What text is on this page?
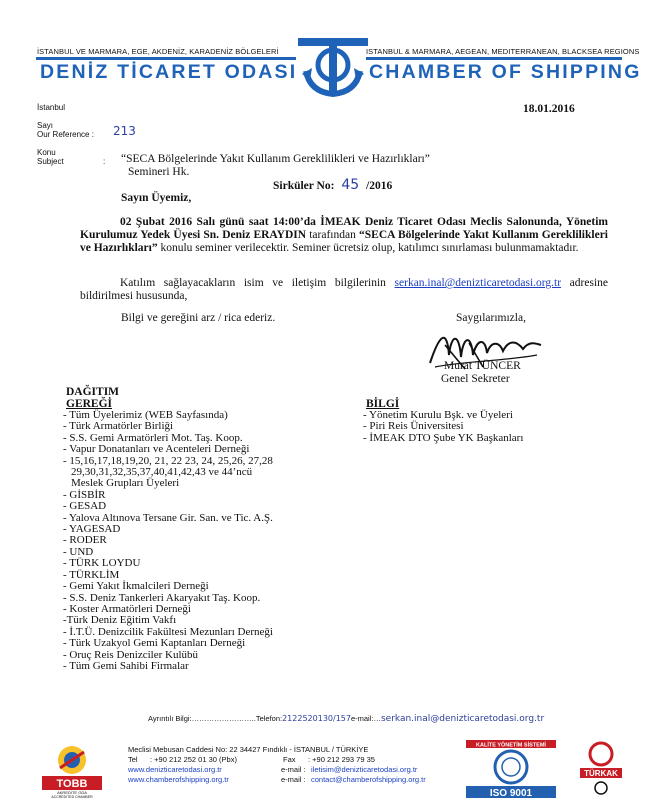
İSTANBUL VE MARMARA, EGE, AKDENİZ, KARADENİZ BÖLGELERİ	ISTANBUL & MARMARA, AEGEAN, MEDITERRANEAN, BLACKSEA REGIONS
DENİZ TİCARET ODASI	CHAMBER OF SHIPPING
İstanbul	18.01.2016
Sayı
Our Reference : 213
Konu
Subject	: “SECA Bölgelerinde Yakıt Kullanım Gereklilikleri ve Hazırlıkları”
Semineri Hk.
Sirküler No: 45 /2016
Sayın Üyemiz,
02 Şubat 2016 Salı günü saat 14:00’da İMEAK Deniz Ticaret Odası Meclis Salonunda, Yönetim Kurulumuz Yedek Üyesi Sn. Deniz ERAYDIN tarafından “SECA Bölgelerinde Yakıt Kullanım Gereklilikleri ve Hazırlıkları” konulu seminer verilecektir. Seminer ücretsiz olup, katılımcı sınırlaması bulunmamaktadır.
Katılım sağlayacakların isim ve iletişim bilgilerinin serkan.inal@denizticaretodasi.org.tr adresine bildirilmesi hususunda,
Bilgi ve gereğini arz / rica ederiz.	Saygılarımızla,
Murat TÜNCER
Genel Sekreter
DAĞITIM
GEREĞİ
- Tüm Üyelerimiz (WEB Sayfasında)
- Türk Armatörler Birliği
- S.S. Gemi Armatörleri Mot. Taş. Koop.
- Vapur Donatanları ve Acenteleri Derneği
- 15,16,17,18,19,20, 21, 22 23, 24, 25,26, 27,28
29,30,31,32,35,37,40,41,42,43 ve 44’ncü
Meslek Grupları Üyeleri
- GİSBİR
- GESAD
- Yalova Altınova Tersane Gir. San. ve Tic. A.Ş.
- YAGESAD
- RODER
- UND
- TÜRK LOYDU
- TÜRKLİM
- Gemi Yakıt İkmalcileri Derneği
- S.S. Deniz Tankerleri Akaryakıt Taş. Koop.
- Koster Armatörleri Derneği
-Türk Deniz Eğitim Vakfı
- İ.T.Ü. Denizcilik Fakültesi Mezunları Derneği
- Türk Uzakyol Gemi Kaptanları Derneği
- Oruç Reis Denizciler Kulübü
- Tüm Gemi Sahibi Firmalar
BİLGİ
- Yönetim Kurulu Bşk. ve Üyeleri
- Piri Reis Üniversitesi
- İMEAK DTO Şube YK Başkanları
Ayrıntılı Bilgi:……………………..Telefon:2122520130/157e-mail:…serkan.inal@denizticaretodasi.org.tr
TOBB
AKREDİTE ODA
ACCREDITED CHAMBER
KALİTE YÖNETİM SİSTEMİ
ISO 9001
TÜRKAK
Meclisi Mebusan Caddesi No: 22 34427 Fındıklı - İSTANBUL / TÜRKİYE
Tel : +90 212 252 01 30 (Pbx)	Fax : +90 212 293 79 35
www.denizticaretodasi.org.tr	e-mail : iletisim@denizticaretodasi.org.tr
www.chamberofshipping.org.tr	e-mail : contact@chamberofshipping.org.tr
